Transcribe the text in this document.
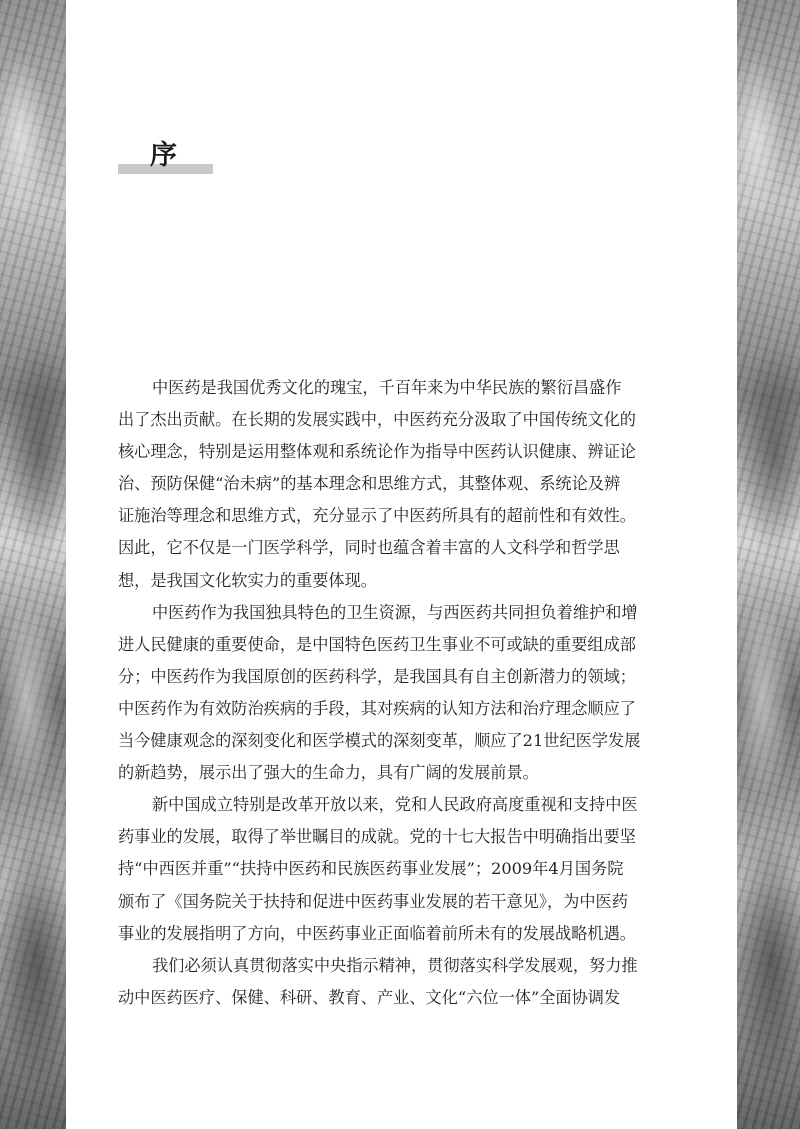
序
中医药是我国优秀文化的瑰宝，千百年来为中华民族的繁衍昌盛作
出了杰出贡献。在长期的发展实践中，中医药充分汲取了中国传统文化的
核心理念，特别是运用整体观和系统论作为指导中医药认识健康、辨证论
治、预防保健“治未病”的基本理念和思维方式，其整体观、系统论及辨
证施治等理念和思维方式，充分显示了中医药所具有的超前性和有效性。
因此，它不仅是一门医学科学，同时也蕴含着丰富的人文科学和哲学思
想，是我国文化软实力的重要体现。
中医药作为我国独具特色的卫生资源，与西医药共同担负着维护和增
进人民健康的重要使命，是中国特色医药卫生事业不可或缺的重要组成部
分；中医药作为我国原创的医药科学，是我国具有自主创新潜力的领域；
中医药作为有效防治疾病的手段，其对疾病的认知方法和治疗理念顺应了
当今健康观念的深刻变化和医学模式的深刻变革，顺应了21世纪医学发展
的新趋势，展示出了强大的生命力，具有广阔的发展前景。
新中国成立特别是改革开放以来，党和人民政府高度重视和支持中医
药事业的发展，取得了举世瞩目的成就。党的十七大报告中明确指出要坚
持“中西医并重”“扶持中医药和民族医药事业发展”；2009年4月国务院
颁布了《国务院关于扶持和促进中医药事业发展的若干意见》，为中医药
事业的发展指明了方向，中医药事业正面临着前所未有的发展战略机遇。
我们必须认真贯彻落实中央指示精神，贯彻落实科学发展观，努力推
动中医药医疗、保健、科研、教育、产业、文化“六位一体”全面协调发
